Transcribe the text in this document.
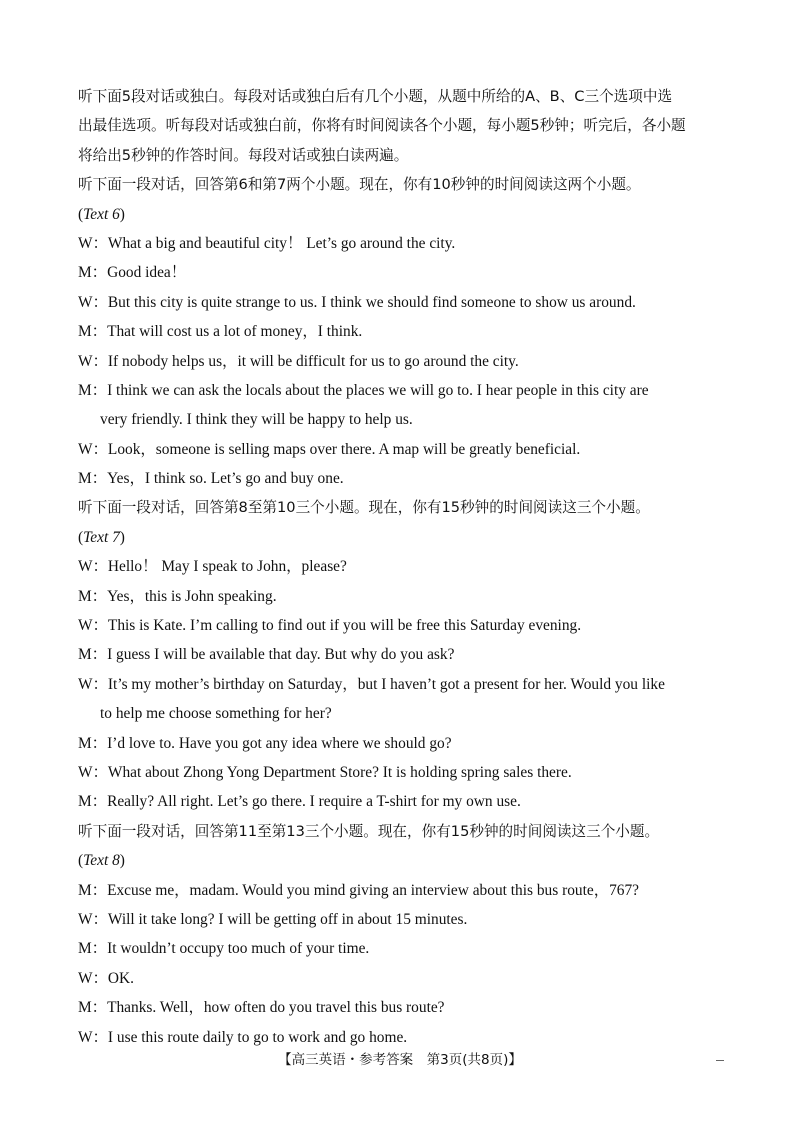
听下面5段对话或独白。每段对话或独白后有几个小题，从题中所给的A、B、C三个选项中选
出最佳选项。听每段对话或独白前，你将有时间阅读各个小题，每小题5秒钟；听完后，各小题
将给出5秒钟的作答时间。每段对话或独白读两遍。
听下面一段对话，回答第6和第7两个小题。现在，你有10秒钟的时间阅读这两个小题。
(Text 6)
W：What a big and beautiful city！ Let’s go around the city.
M：Good idea！
W：But this city is quite strange to us. I think we should find someone to show us around.
M：That will cost us a lot of money，I think.
W：If nobody helps us，it will be difficult for us to go around the city.
M：I think we can ask the locals about the places we will go to. I hear people in this city are
very friendly. I think they will be happy to help us.
W：Look，someone is selling maps over there. A map will be greatly beneficial.
M：Yes，I think so. Let’s go and buy one.
听下面一段对话，回答第8至第10三个小题。现在，你有15秒钟的时间阅读这三个小题。
(Text 7)
W：Hello！ May I speak to John，please?
M：Yes，this is John speaking.
W：This is Kate. I’m calling to find out if you will be free this Saturday evening.
M：I guess I will be available that day. But why do you ask?
W：It’s my mother’s birthday on Saturday，but I haven’t got a present for her. Would you like
to help me choose something for her?
M：I’d love to. Have you got any idea where we should go?
W：What about Zhong Yong Department Store? It is holding spring sales there.
M：Really? All right. Let’s go there. I require a T-shirt for my own use.
听下面一段对话，回答第11至第13三个小题。现在，你有15秒钟的时间阅读这三个小题。
(Text 8)
M：Excuse me，madam. Would you mind giving an interview about this bus route，767?
W：Will it take long? I will be getting off in about 15 minutes.
M：It wouldn’t occupy too much of your time.
W：OK.
M：Thanks. Well，how often do you travel this bus route?
W：I use this route daily to go to work and go home.
【高三英语・参考答案　第3页(共8页)】
